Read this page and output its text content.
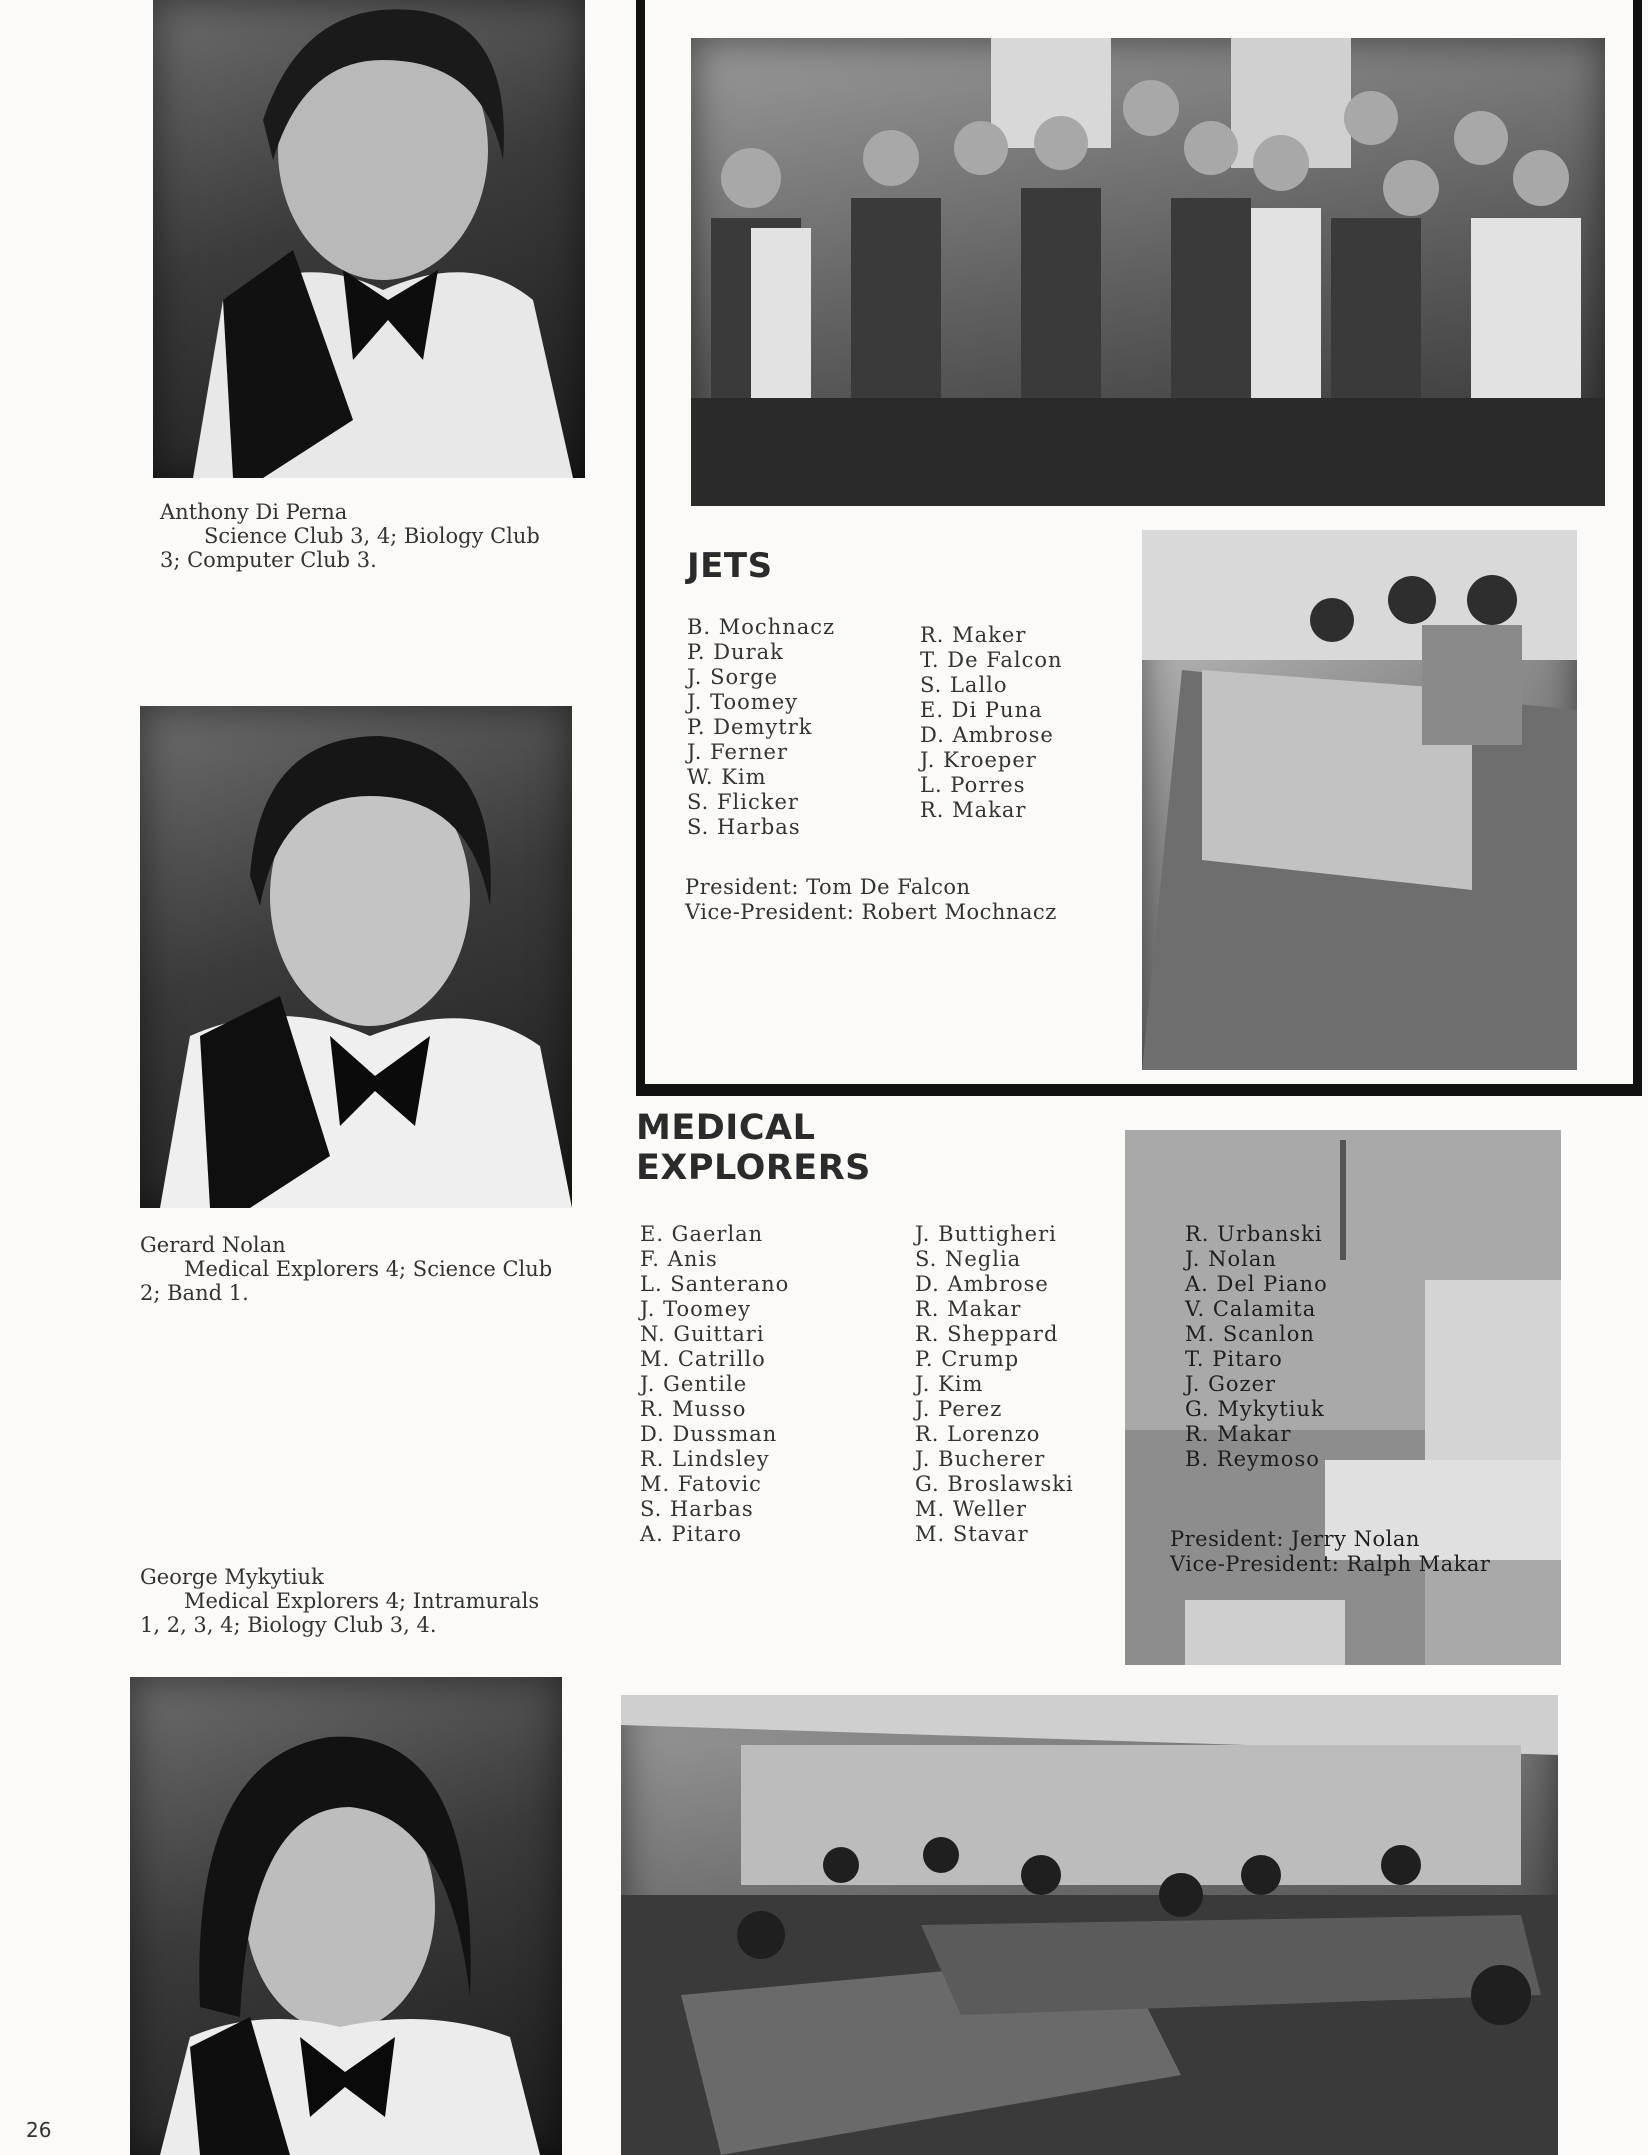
Anthony Di Perna
Science Club 3, 4; Biology Club
3; Computer Club 3.
Gerard Nolan
Medical Explorers 4; Science Club
2; Band 1.
George Mykytiuk
Medical Explorers 4; Intramurals
1, 2, 3, 4; Biology Club 3, 4.
JETS
B. Mochnacz
P. Durak
J. Sorge
J. Toomey
P. Demytrk
J. Ferner
W. Kim
S. Flicker
S. Harbas
R. Maker
T. De Falcon
S. Lallo
E. Di Puna
D. Ambrose
J. Kroeper
L. Porres
R. Makar
President: Tom De Falcon
Vice-President: Robert Mochnacz
MEDICAL
EXPLORERS
E. Gaerlan
F. Anis
L. Santerano
J. Toomey
N. Guittari
M. Catrillo
J. Gentile
R. Musso
D. Dussman
R. Lindsley
M. Fatovic
S. Harbas
A. Pitaro
J. Buttigheri
S. Neglia
D. Ambrose
R. Makar
R. Sheppard
P. Crump
J. Kim
J. Perez
R. Lorenzo
J. Bucherer
G. Broslawski
M. Weller
M. Stavar
R. Urbanski
J. Nolan
A. Del Piano
V. Calamita
M. Scanlon
T. Pitaro
J. Gozer
G. Mykytiuk
R. Makar
B. Reymoso
President: Jerry Nolan
Vice-President: Ralph Makar
26
